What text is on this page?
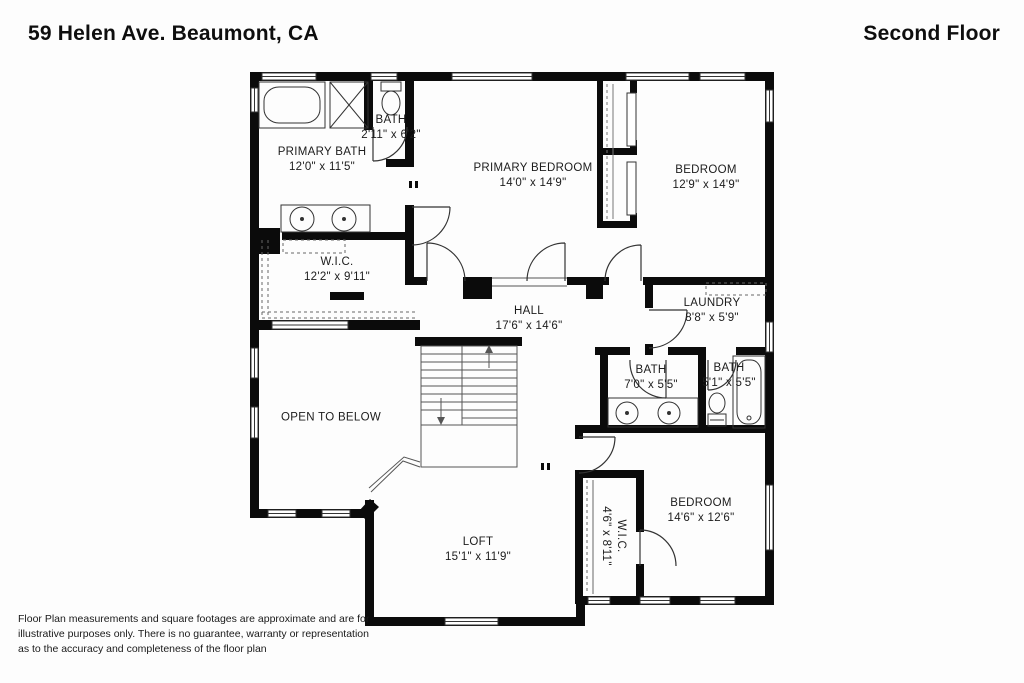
59 Helen Ave. Beaumont, CA	Second Floor
PRIMARY BATH
12'0" x 11'5"
BATH
2'11" x 6'2"
PRIMARY BEDROOM
14'0" x 14'9"
BEDROOM
12'9" x 14'9"
W.I.C.
12'2" x 9'11"
HALL
17'6" x 14'6"
LAUNDRY
8'8" x 5'9"
BATH
7'0" x 5'5"
BATH
5'1" x 5'5"
OPEN TO BELOW
LOFT
15'1" x 11'9"
W.I.C.
4'6" x 8'11"
BEDROOM
14'6" x 12'6"
Floor Plan measurements and square footages are approximate and are for
illustrative purposes only. There is no guarantee, warranty or representation
as to the accuracy and completeness of the floor plan
